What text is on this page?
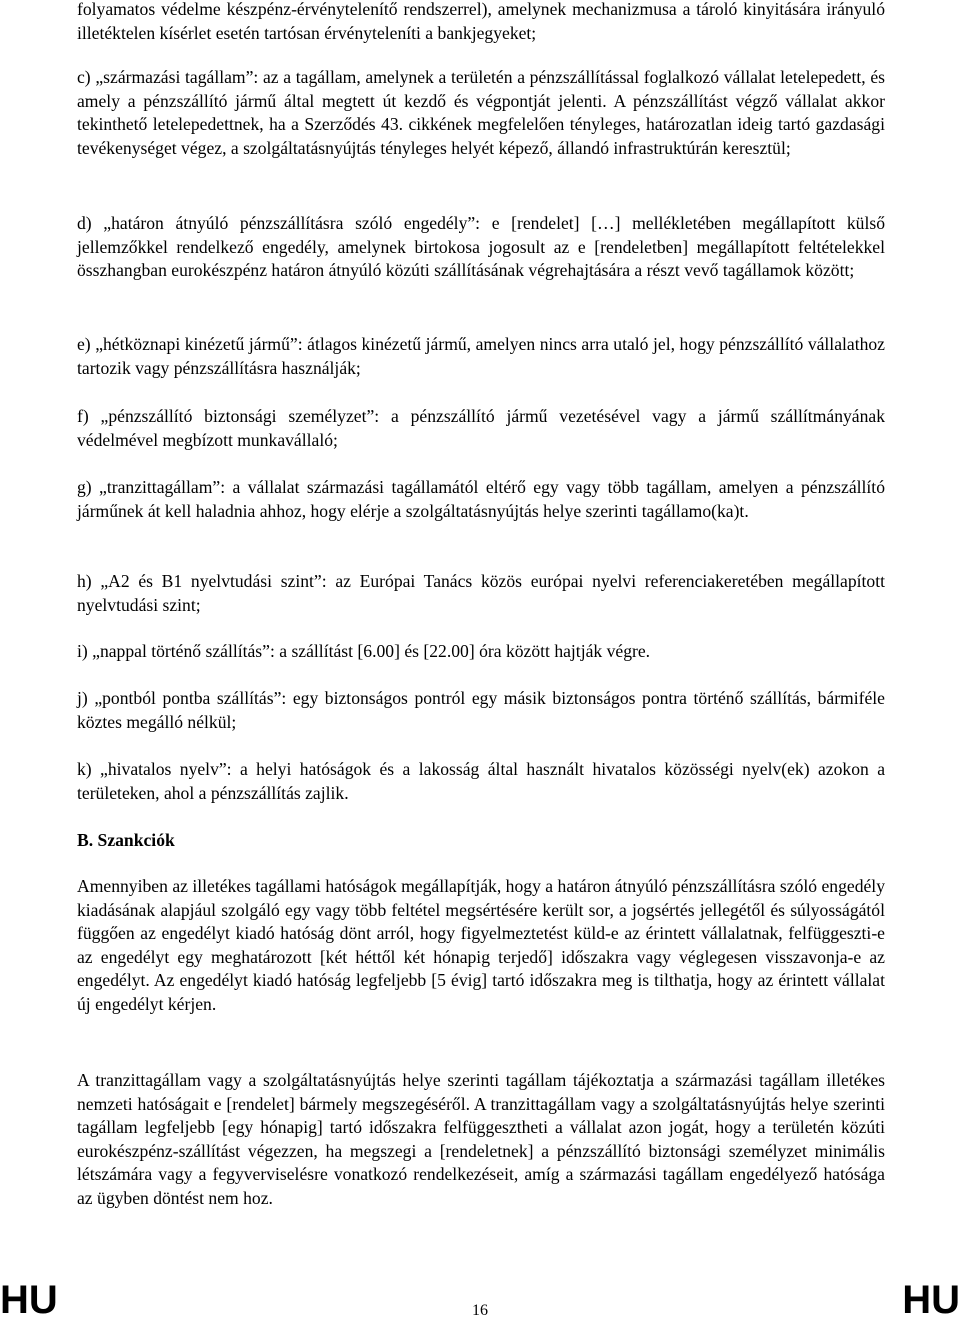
folyamatos védelme készpénz-érvénytelenítő rendszerrel), amelynek mechanizmusa a tároló kinyitására irányuló illetéktelen kísérlet esetén tartósan érvényteleníti a bankjegyeket;

c) „származási tagállam”: az a tagállam, amelynek a területén a pénzszállítással foglalkozó vállalat letelepedett, és amely a pénzszállító jármű által megtett út kezdő és végpontját jelenti. A pénzszállítást végző vállalat akkor tekinthető letelepedettnek, ha a Szerződés 43. cikkének megfelelően tényleges, határozatlan ideig tartó gazdasági tevékenységet végez, a szolgáltatásnyújtás tényleges helyét képező, állandó infrastruktúrán keresztül;

d) „határon átnyúló pénzszállításra szóló engedély”: e [rendelet] […] mellékletében megállapított külső jellemzőkkel rendelkező engedély, amelynek birtokosa jogosult az e [rendeletben] megállapított feltételekkel összhangban eurokészpénz határon átnyúló közúti szállításának végrehajtására a részt vevő tagállamok között;

e) „hétköznapi kinézetű jármű”: átlagos kinézetű jármű, amelyen nincs arra utaló jel, hogy pénzszállító vállalathoz tartozik vagy pénzszállításra használják;

f) „pénzszállító biztonsági személyzet”: a pénzszállító jármű vezetésével vagy a jármű szállítmányának védelmével megbízott munkavállaló;

g) „tranzittagállam”: a vállalat származási tagállamától eltérő egy vagy több tagállam, amelyen a pénzszállító járműnek át kell haladnia ahhoz, hogy elérje a szolgáltatásnyújtás helye szerinti tagállamo(ka)t.

h) „A2 és B1 nyelvtudási szint”: az Európai Tanács közös európai nyelvi referenciakeretében megállapított nyelvtudási szint;

i) „nappal történő szállítás”: a szállítást [6.00] és [22.00] óra között hajtják végre.

j) „pontból pontba szállítás”: egy biztonságos pontról egy másik biztonságos pontra történő szállítás, bármiféle köztes megálló nélkül;

k) „hivatalos nyelv”: a helyi hatóságok és a lakosság által használt hivatalos közösségi nyelv(ek) azokon a területeken, ahol a pénzszállítás zajlik.

B. Szankciók

Amennyiben az illetékes tagállami hatóságok megállapítják, hogy a határon átnyúló pénzszállításra szóló engedély kiadásának alapjául szolgáló egy vagy több feltétel megsértésére került sor, a jogsértés jellegétől és súlyosságától függően az engedélyt kiadó hatóság dönt arról, hogy figyelmeztetést küld-e az érintett vállalatnak, felfüggeszti-e az engedélyt egy meghatározott [két héttől két hónapig terjedő] időszakra vagy véglegesen visszavonja-e az engedélyt. Az engedélyt kiadó hatóság legfeljebb [5 évig] tartó időszakra meg is tilthatja, hogy az érintett vállalat új engedélyt kérjen.

A tranzittagállam vagy a szolgáltatásnyújtás helye szerinti tagállam tájékoztatja a származási tagállam illetékes nemzeti hatóságait e [rendelet] bármely megszegéséről. A tranzittagállam vagy a szolgáltatásnyújtás helye szerinti tagállam legfeljebb [egy hónapig] tartó időszakra felfüggesztheti a vállalat azon jogát, hogy a területén közúti eurokészpénz-szállítást végezzen, ha megszegi a [rendeletnek] a pénzszállító biztonsági személyzet minimális létszámára vagy a fegyverviselésre vonatkozó rendelkezéseit, amíg a származási tagállam engedélyező hatósága az ügyben döntést nem hoz.

HU	16	HU
